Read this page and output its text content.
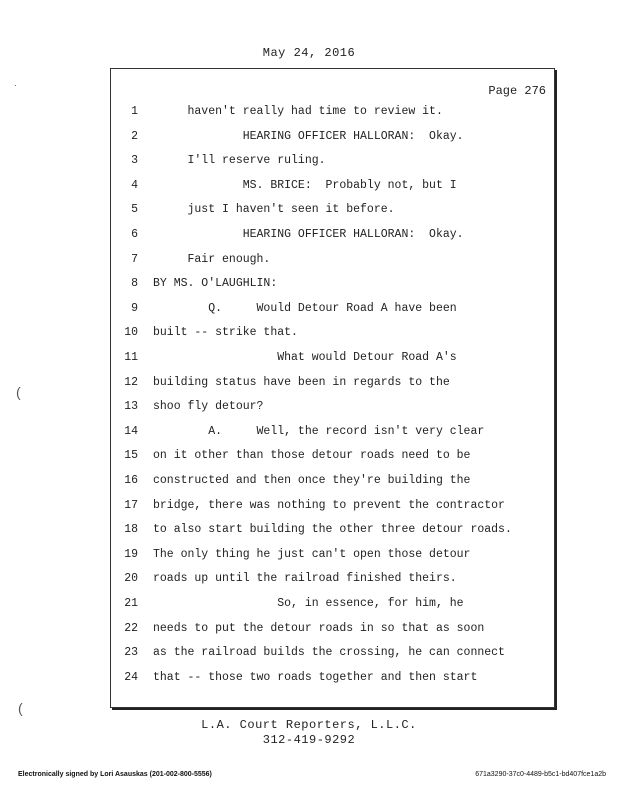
May 24, 2016
Page 276
1 haven't really had time to review it.
2 HEARING OFFICER HALLORAN:  Okay.
3 I'll reserve ruling.
4 MS. BRICE:  Probably not, but I
5 just I haven't seen it before.
6 HEARING OFFICER HALLORAN:  Okay.
7 Fair enough.
8 BY MS. O'LAUGHLIN:
9 Q.     Would Detour Road A have been
10 built -- strike that.
11 What would Detour Road A's
12 building status have been in regards to the
13 shoo fly detour?
14 A.     Well, the record isn't very clear
15 on it other than those detour roads need to be
16 constructed and then once they're building the
17 bridge, there was nothing to prevent the contractor
18 to also start building the other three detour roads.
19 The only thing he just can't open those detour
20 roads up until the railroad finished theirs.
21 So, in essence, for him, he
22 needs to put the detour roads in so that as soon
23 as the railroad builds the crossing, he can connect
24 that -- those two roads together and then start
L.A. Court Reporters, L.L.C.
312-419-9292
Electronically signed by Lori Asauskas (201-002-800-5556)	671a3290-37c0-4489-b5c1-bd407fce1a2b
·
(
(
